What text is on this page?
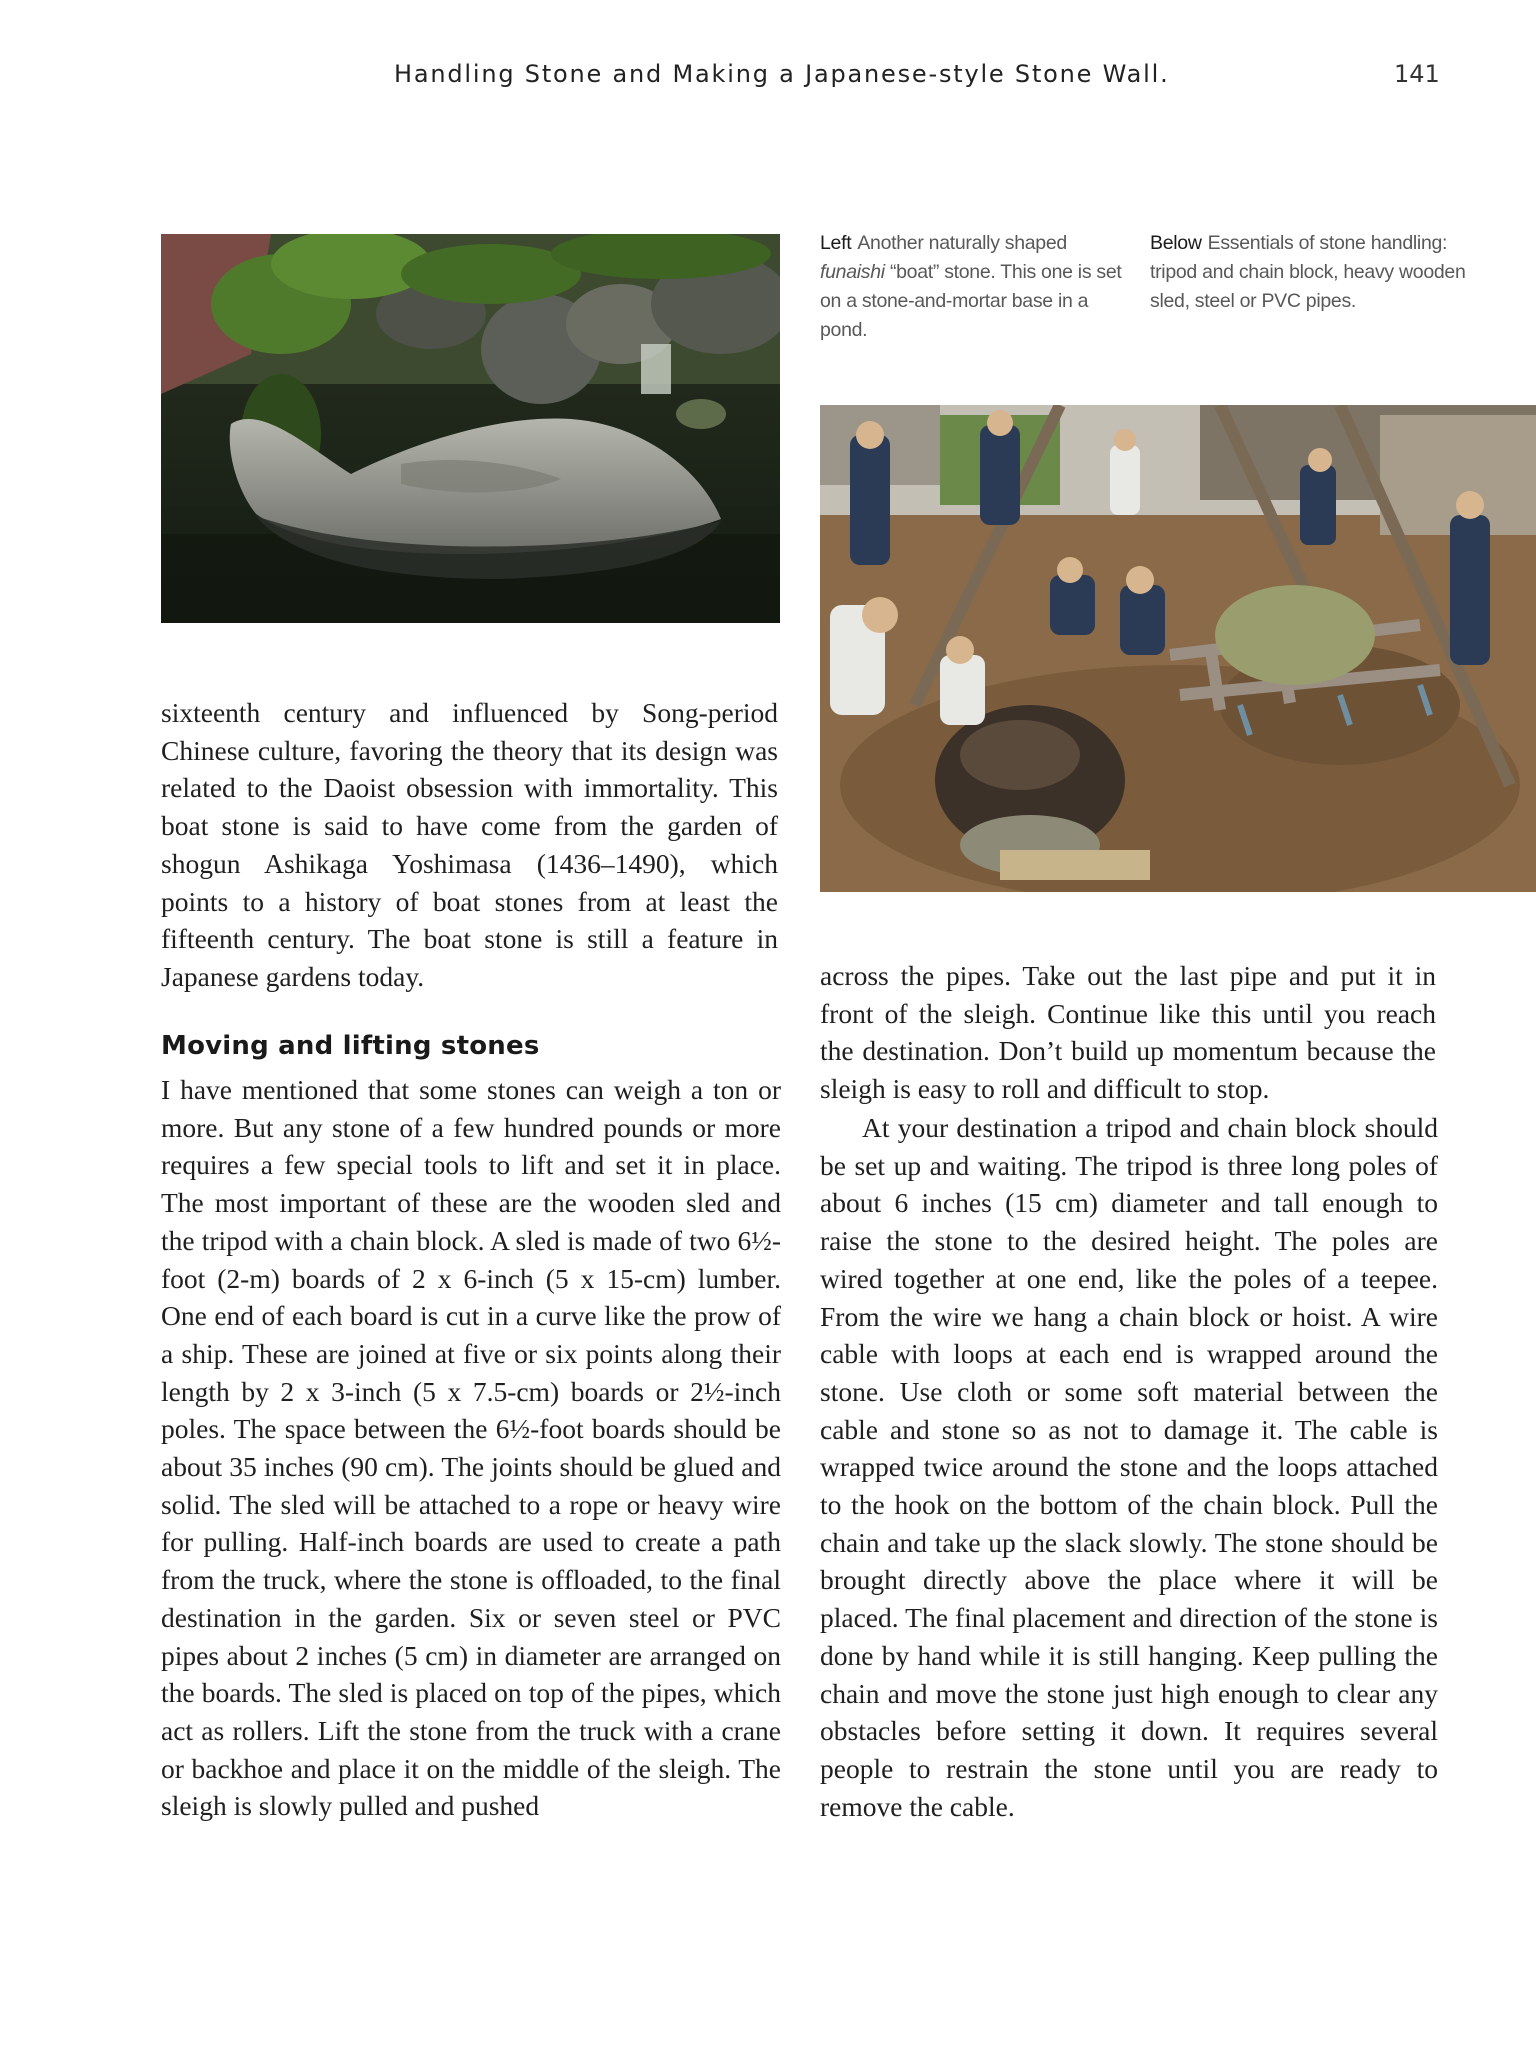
Handling Stone and Making a Japanese-style Stone Wall.	141

Left Another naturally shaped funaishi “boat” stone. This one is set on a stone-and-mortar base in a pond.

Below Essentials of stone handling: tripod and chain block, heavy wooden sled, steel or PVC pipes.

sixteenth century and influenced by Song-period Chinese culture, favoring the theory that its design was related to the Daoist obsession with immortality. This boat stone is said to have come from the garden of shogun Ashikaga Yoshimasa (1436–1490), which points to a history of boat stones from at least the fifteenth century. The boat stone is still a feature in Japanese gardens today.

Moving and lifting stones

I have mentioned that some stones can weigh a ton or more. But any stone of a few hundred pounds or more requires a few special tools to lift and set it in place. The most important of these are the wooden sled and the tripod with a chain block. A sled is made of two 6½-foot (2-m) boards of 2 x 6-inch (5 x 15-cm) lumber. One end of each board is cut in a curve like the prow of a ship. These are joined at five or six points along their length by 2 x 3-inch (5 x 7.5-cm) boards or 2½-inch poles. The space between the 6½-foot boards should be about 35 inches (90 cm). The joints should be glued and solid. The sled will be attached to a rope or heavy wire for pulling. Half-inch boards are used to create a path from the truck, where the stone is offloaded, to the final destination in the garden. Six or seven steel or PVC pipes about 2 inches (5 cm) in diameter are arranged on the boards. The sled is placed on top of the pipes, which act as rollers. Lift the stone from the truck with a crane or backhoe and place it on the middle of the sleigh. The sleigh is slowly pulled and pushed

across the pipes. Take out the last pipe and put it in front of the sleigh. Continue like this until you reach the destination. Don’t build up momentum because the sleigh is easy to roll and difficult to stop.

At your destination a tripod and chain block should be set up and waiting. The tripod is three long poles of about 6 inches (15 cm) diameter and tall enough to raise the stone to the desired height. The poles are wired together at one end, like the poles of a teepee. From the wire we hang a chain block or hoist. A wire cable with loops at each end is wrapped around the stone. Use cloth or some soft material between the cable and stone so as not to damage it. The cable is wrapped twice around the stone and the loops attached to the hook on the bottom of the chain block. Pull the chain and take up the slack slowly. The stone should be brought directly above the place where it will be placed. The final placement and direction of the stone is done by hand while it is still hanging. Keep pulling the chain and move the stone just high enough to clear any obstacles before setting it down. It requires several people to restrain the stone until you are ready to remove the cable.
